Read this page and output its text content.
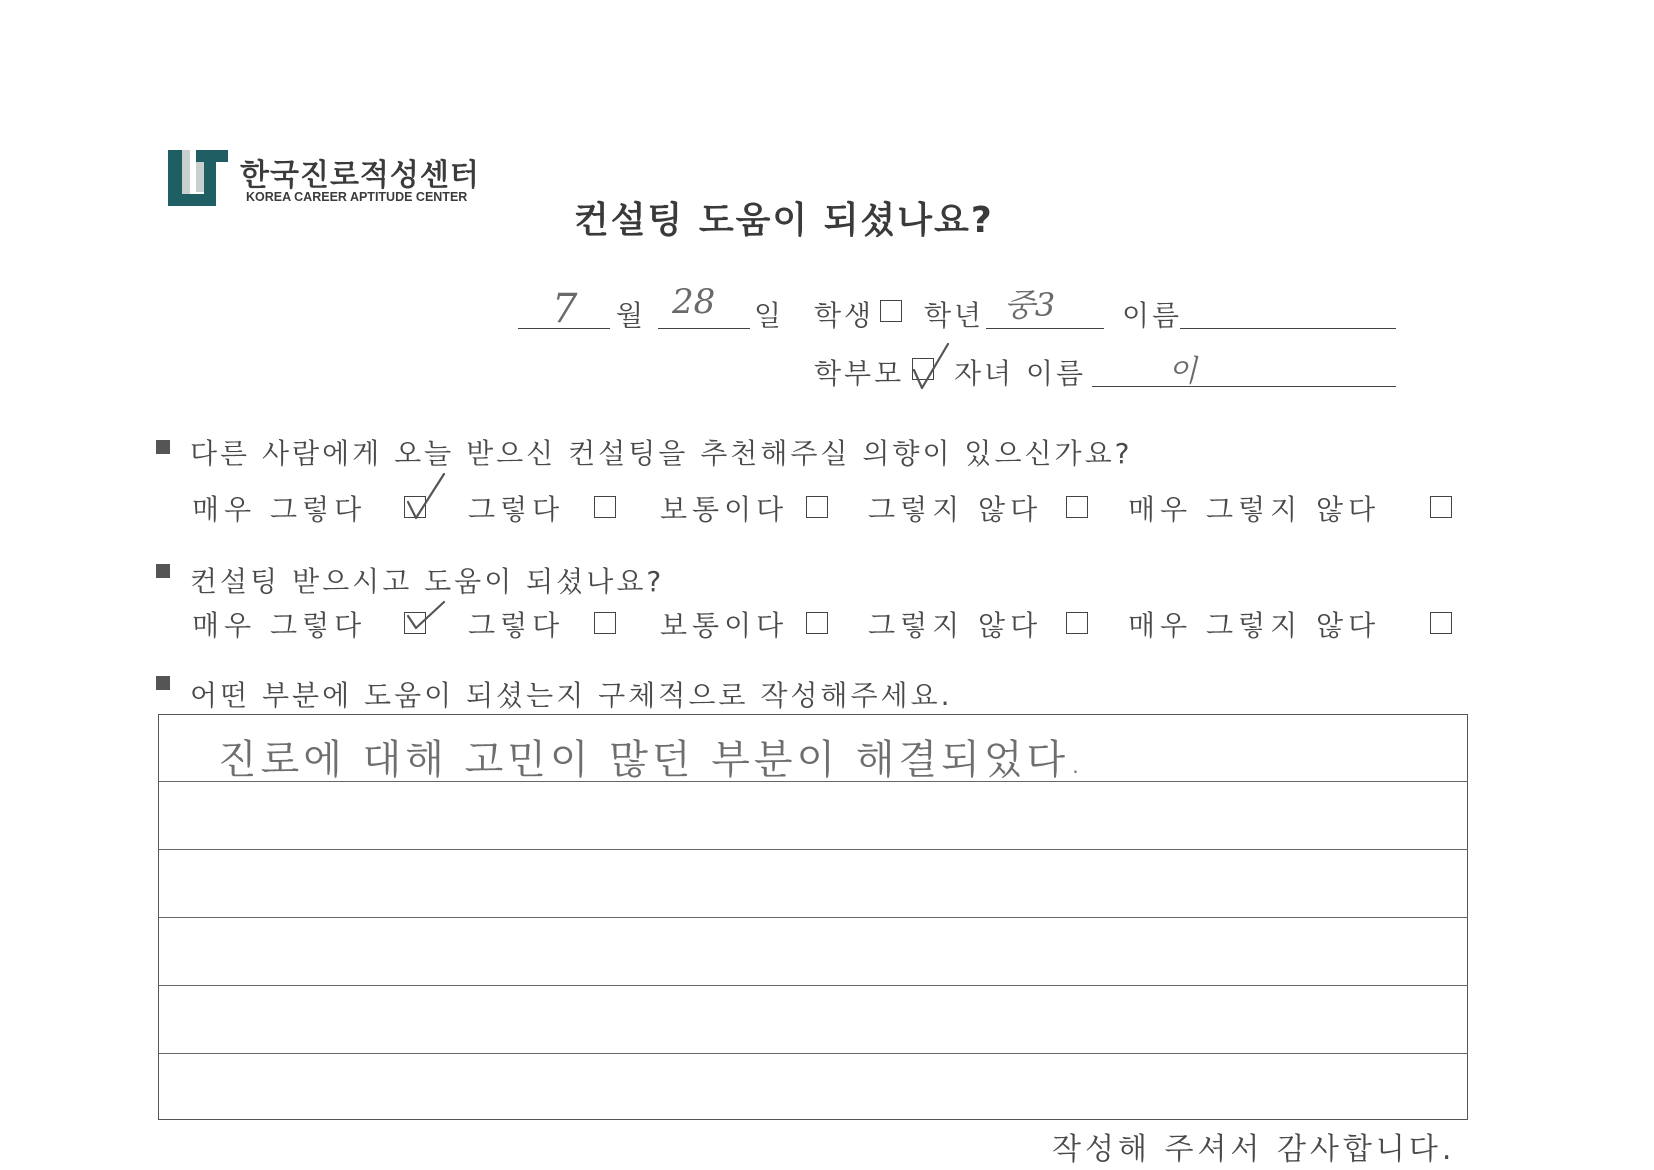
한국진로적성센터
KOREA CAREER APTITUDE CENTER
컨설팅 도움이 되셨나요?
7 월 28 일 학생 학년 중3 이름
학부모 자녀 이름	이
다른 사람에게 오늘 받으신 컨설팅을 추천해주실 의향이 있으신가요?
매우 그렇다	그렇다	보통이다	그렇지 않다	매우 그렇지 않다
컨설팅 받으시고 도움이 되셨나요?
매우 그렇다	그렇다	보통이다	그렇지 않다	매우 그렇지 않다
어떤 부분에 도움이 되셨는지 구체적으로 작성해주세요.
진로에 대해 고민이 많던 부분이 해결되었다.
작성해 주셔서 감사합니다.
